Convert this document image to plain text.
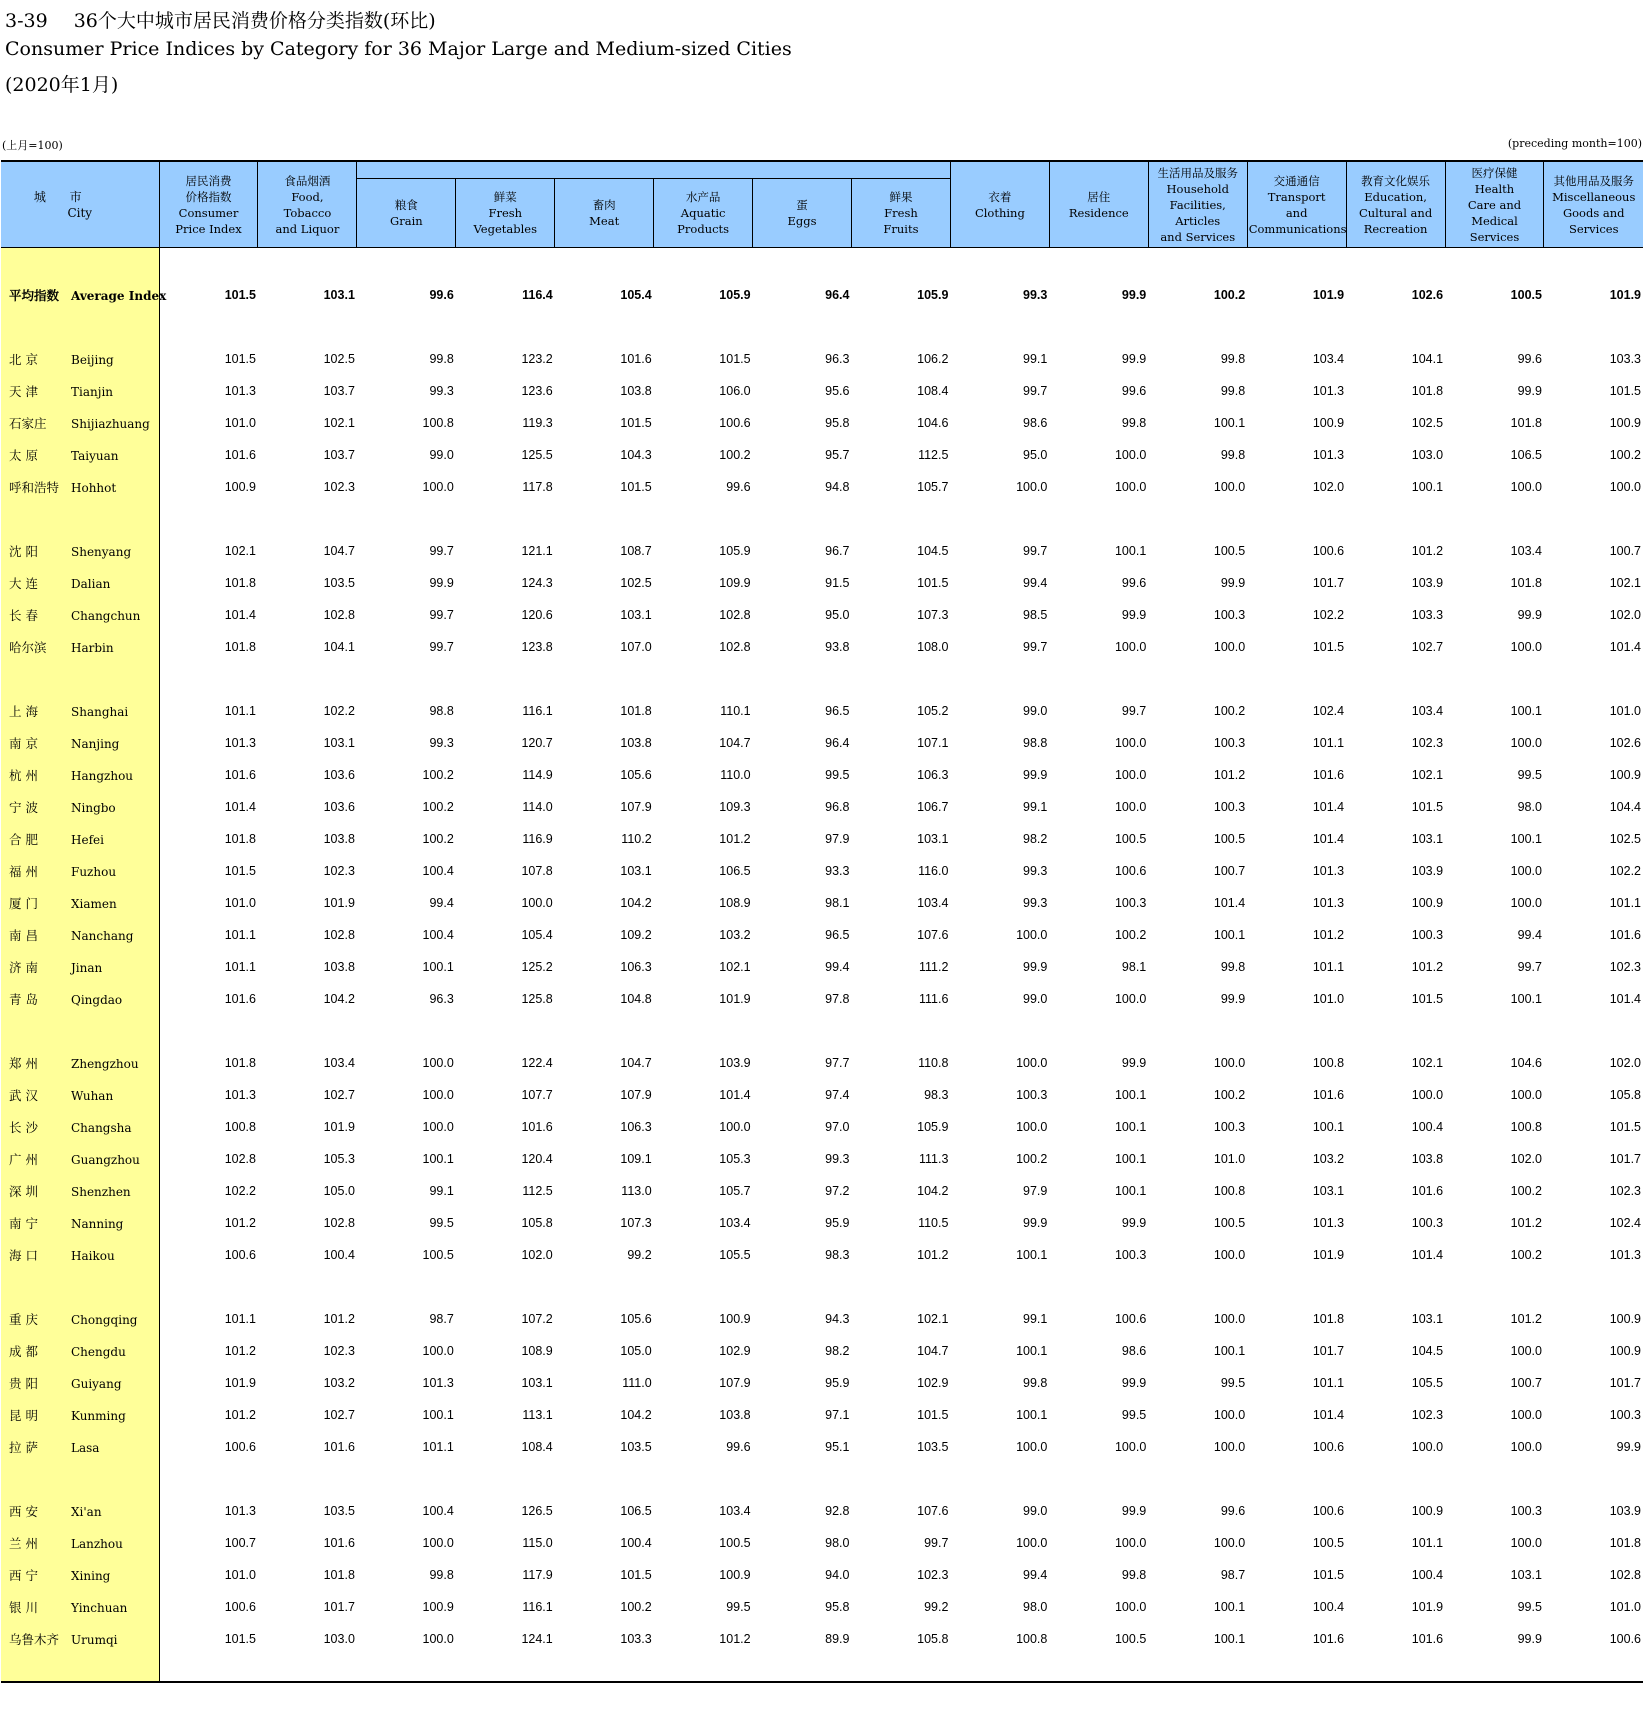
3-39 36个大中城市居民消费价格分类指数(环比)
Consumer Price Indices by Category for 36 Major Large and Medium-sized Cities
(2020年1月)
(上月=100)	(preceding month=100)
城 市
City	居民消费
价格指数
Consumer
Price Index	食品烟酒
Food,
Tobacco
and Liquor							衣着
Clothing	居住
Residence	生活用品及服务
Household
Facilities,
Articles
and Services	交通通信
Transport
and
Communications	教育文化娱乐
Education,
Cultural and
Recreation	医疗保健
Health
Care and
Medical
Services	其他用品及服务
Miscellaneous
Goods and
Services

			粮食
Grain	鲜菜
Fresh
Vegetables	畜肉
Meat	水产品
Aquatic
Products	蛋
Eggs	鲜果
Fresh
Fruits							

平均指数 Average Index	101.5	103.1	99.6	116.4	105.4	105.9	96.4	105.9	99.3	99.9	100.2	101.9	102.6	100.5	101.9

北 京 Beijing	101.5	102.5	99.8	123.2	101.6	101.5	96.3	106.2	99.1	99.9	99.8	103.4	104.1	99.6	103.3
天 津 Tianjin	101.3	103.7	99.3	123.6	103.8	106.0	95.6	108.4	99.7	99.6	99.8	101.3	101.8	99.9	101.5
石家庄 Shijiazhuang	101.0	102.1	100.8	119.3	101.5	100.6	95.8	104.6	98.6	99.8	100.1	100.9	102.5	101.8	100.9
太 原 Taiyuan	101.6	103.7	99.0	125.5	104.3	100.2	95.7	112.5	95.0	100.0	99.8	101.3	103.0	106.5	100.2
呼和浩特 Hohhot	100.9	102.3	100.0	117.8	101.5	99.6	94.8	105.7	100.0	100.0	100.0	102.0	100.1	100.0	100.0

沈 阳 Shenyang	102.1	104.7	99.7	121.1	108.7	105.9	96.7	104.5	99.7	100.1	100.5	100.6	101.2	103.4	100.7
大 连 Dalian	101.8	103.5	99.9	124.3	102.5	109.9	91.5	101.5	99.4	99.6	99.9	101.7	103.9	101.8	102.1
长 春 Changchun	101.4	102.8	99.7	120.6	103.1	102.8	95.0	107.3	98.5	99.9	100.3	102.2	103.3	99.9	102.0
哈尔滨 Harbin	101.8	104.1	99.7	123.8	107.0	102.8	93.8	108.0	99.7	100.0	100.0	101.5	102.7	100.0	101.4

上 海 Shanghai	101.1	102.2	98.8	116.1	101.8	110.1	96.5	105.2	99.0	99.7	100.2	102.4	103.4	100.1	101.0
南 京 Nanjing	101.3	103.1	99.3	120.7	103.8	104.7	96.4	107.1	98.8	100.0	100.3	101.1	102.3	100.0	102.6
杭 州 Hangzhou	101.6	103.6	100.2	114.9	105.6	110.0	99.5	106.3	99.9	100.0	101.2	101.6	102.1	99.5	100.9
宁 波 Ningbo	101.4	103.6	100.2	114.0	107.9	109.3	96.8	106.7	99.1	100.0	100.3	101.4	101.5	98.0	104.4
合 肥 Hefei	101.8	103.8	100.2	116.9	110.2	101.2	97.9	103.1	98.2	100.5	100.5	101.4	103.1	100.1	102.5
福 州 Fuzhou	101.5	102.3	100.4	107.8	103.1	106.5	93.3	116.0	99.3	100.6	100.7	101.3	103.9	100.0	102.2
厦 门 Xiamen	101.0	101.9	99.4	100.0	104.2	108.9	98.1	103.4	99.3	100.3	101.4	101.3	100.9	100.0	101.1
南 昌 Nanchang	101.1	102.8	100.4	105.4	109.2	103.2	96.5	107.6	100.0	100.2	100.1	101.2	100.3	99.4	101.6
济 南 Jinan	101.1	103.8	100.1	125.2	106.3	102.1	99.4	111.2	99.9	98.1	99.8	101.1	101.2	99.7	102.3
青 岛 Qingdao	101.6	104.2	96.3	125.8	104.8	101.9	97.8	111.6	99.0	100.0	99.9	101.0	101.5	100.1	101.4

郑 州 Zhengzhou	101.8	103.4	100.0	122.4	104.7	103.9	97.7	110.8	100.0	99.9	100.0	100.8	102.1	104.6	102.0
武 汉 Wuhan	101.3	102.7	100.0	107.7	107.9	101.4	97.4	98.3	100.3	100.1	100.2	101.6	100.0	100.0	105.8
长 沙 Changsha	100.8	101.9	100.0	101.6	106.3	100.0	97.0	105.9	100.0	100.1	100.3	100.1	100.4	100.8	101.5
广 州 Guangzhou	102.8	105.3	100.1	120.4	109.1	105.3	99.3	111.3	100.2	100.1	101.0	103.2	103.8	102.0	101.7
深 圳 Shenzhen	102.2	105.0	99.1	112.5	113.0	105.7	97.2	104.2	97.9	100.1	100.8	103.1	101.6	100.2	102.3
南 宁 Nanning	101.2	102.8	99.5	105.8	107.3	103.4	95.9	110.5	99.9	99.9	100.5	101.3	100.3	101.2	102.4
海 口 Haikou	100.6	100.4	100.5	102.0	99.2	105.5	98.3	101.2	100.1	100.3	100.0	101.9	101.4	100.2	101.3

重 庆 Chongqing	101.1	101.2	98.7	107.2	105.6	100.9	94.3	102.1	99.1	100.6	100.0	101.8	103.1	101.2	100.9
成 都 Chengdu	101.2	102.3	100.0	108.9	105.0	102.9	98.2	104.7	100.1	98.6	100.1	101.7	104.5	100.0	100.9
贵 阳 Guiyang	101.9	103.2	101.3	103.1	111.0	107.9	95.9	102.9	99.8	99.9	99.5	101.1	105.5	100.7	101.7
昆 明 Kunming	101.2	102.7	100.1	113.1	104.2	103.8	97.1	101.5	100.1	99.5	100.0	101.4	102.3	100.0	100.3
拉 萨 Lasa	100.6	101.6	101.1	108.4	103.5	99.6	95.1	103.5	100.0	100.0	100.0	100.6	100.0	100.0	99.9

西 安 Xi'an	101.3	103.5	100.4	126.5	106.5	103.4	92.8	107.6	99.0	99.9	99.6	100.6	100.9	100.3	103.9
兰 州 Lanzhou	100.7	101.6	100.0	115.0	100.4	100.5	98.0	99.7	100.0	100.0	100.0	100.5	101.1	100.0	101.8
西 宁 Xining	101.0	101.8	99.8	117.9	101.5	100.9	94.0	102.3	99.4	99.8	98.7	101.5	100.4	103.1	102.8
银 川 Yinchuan	100.6	101.7	100.9	116.1	100.2	99.5	95.8	99.2	98.0	100.0	100.1	100.4	101.9	99.5	101.0
乌鲁木齐 Urumqi	101.5	103.0	100.0	124.1	103.3	101.2	89.9	105.8	100.8	100.5	100.1	101.6	101.6	99.9	100.6
